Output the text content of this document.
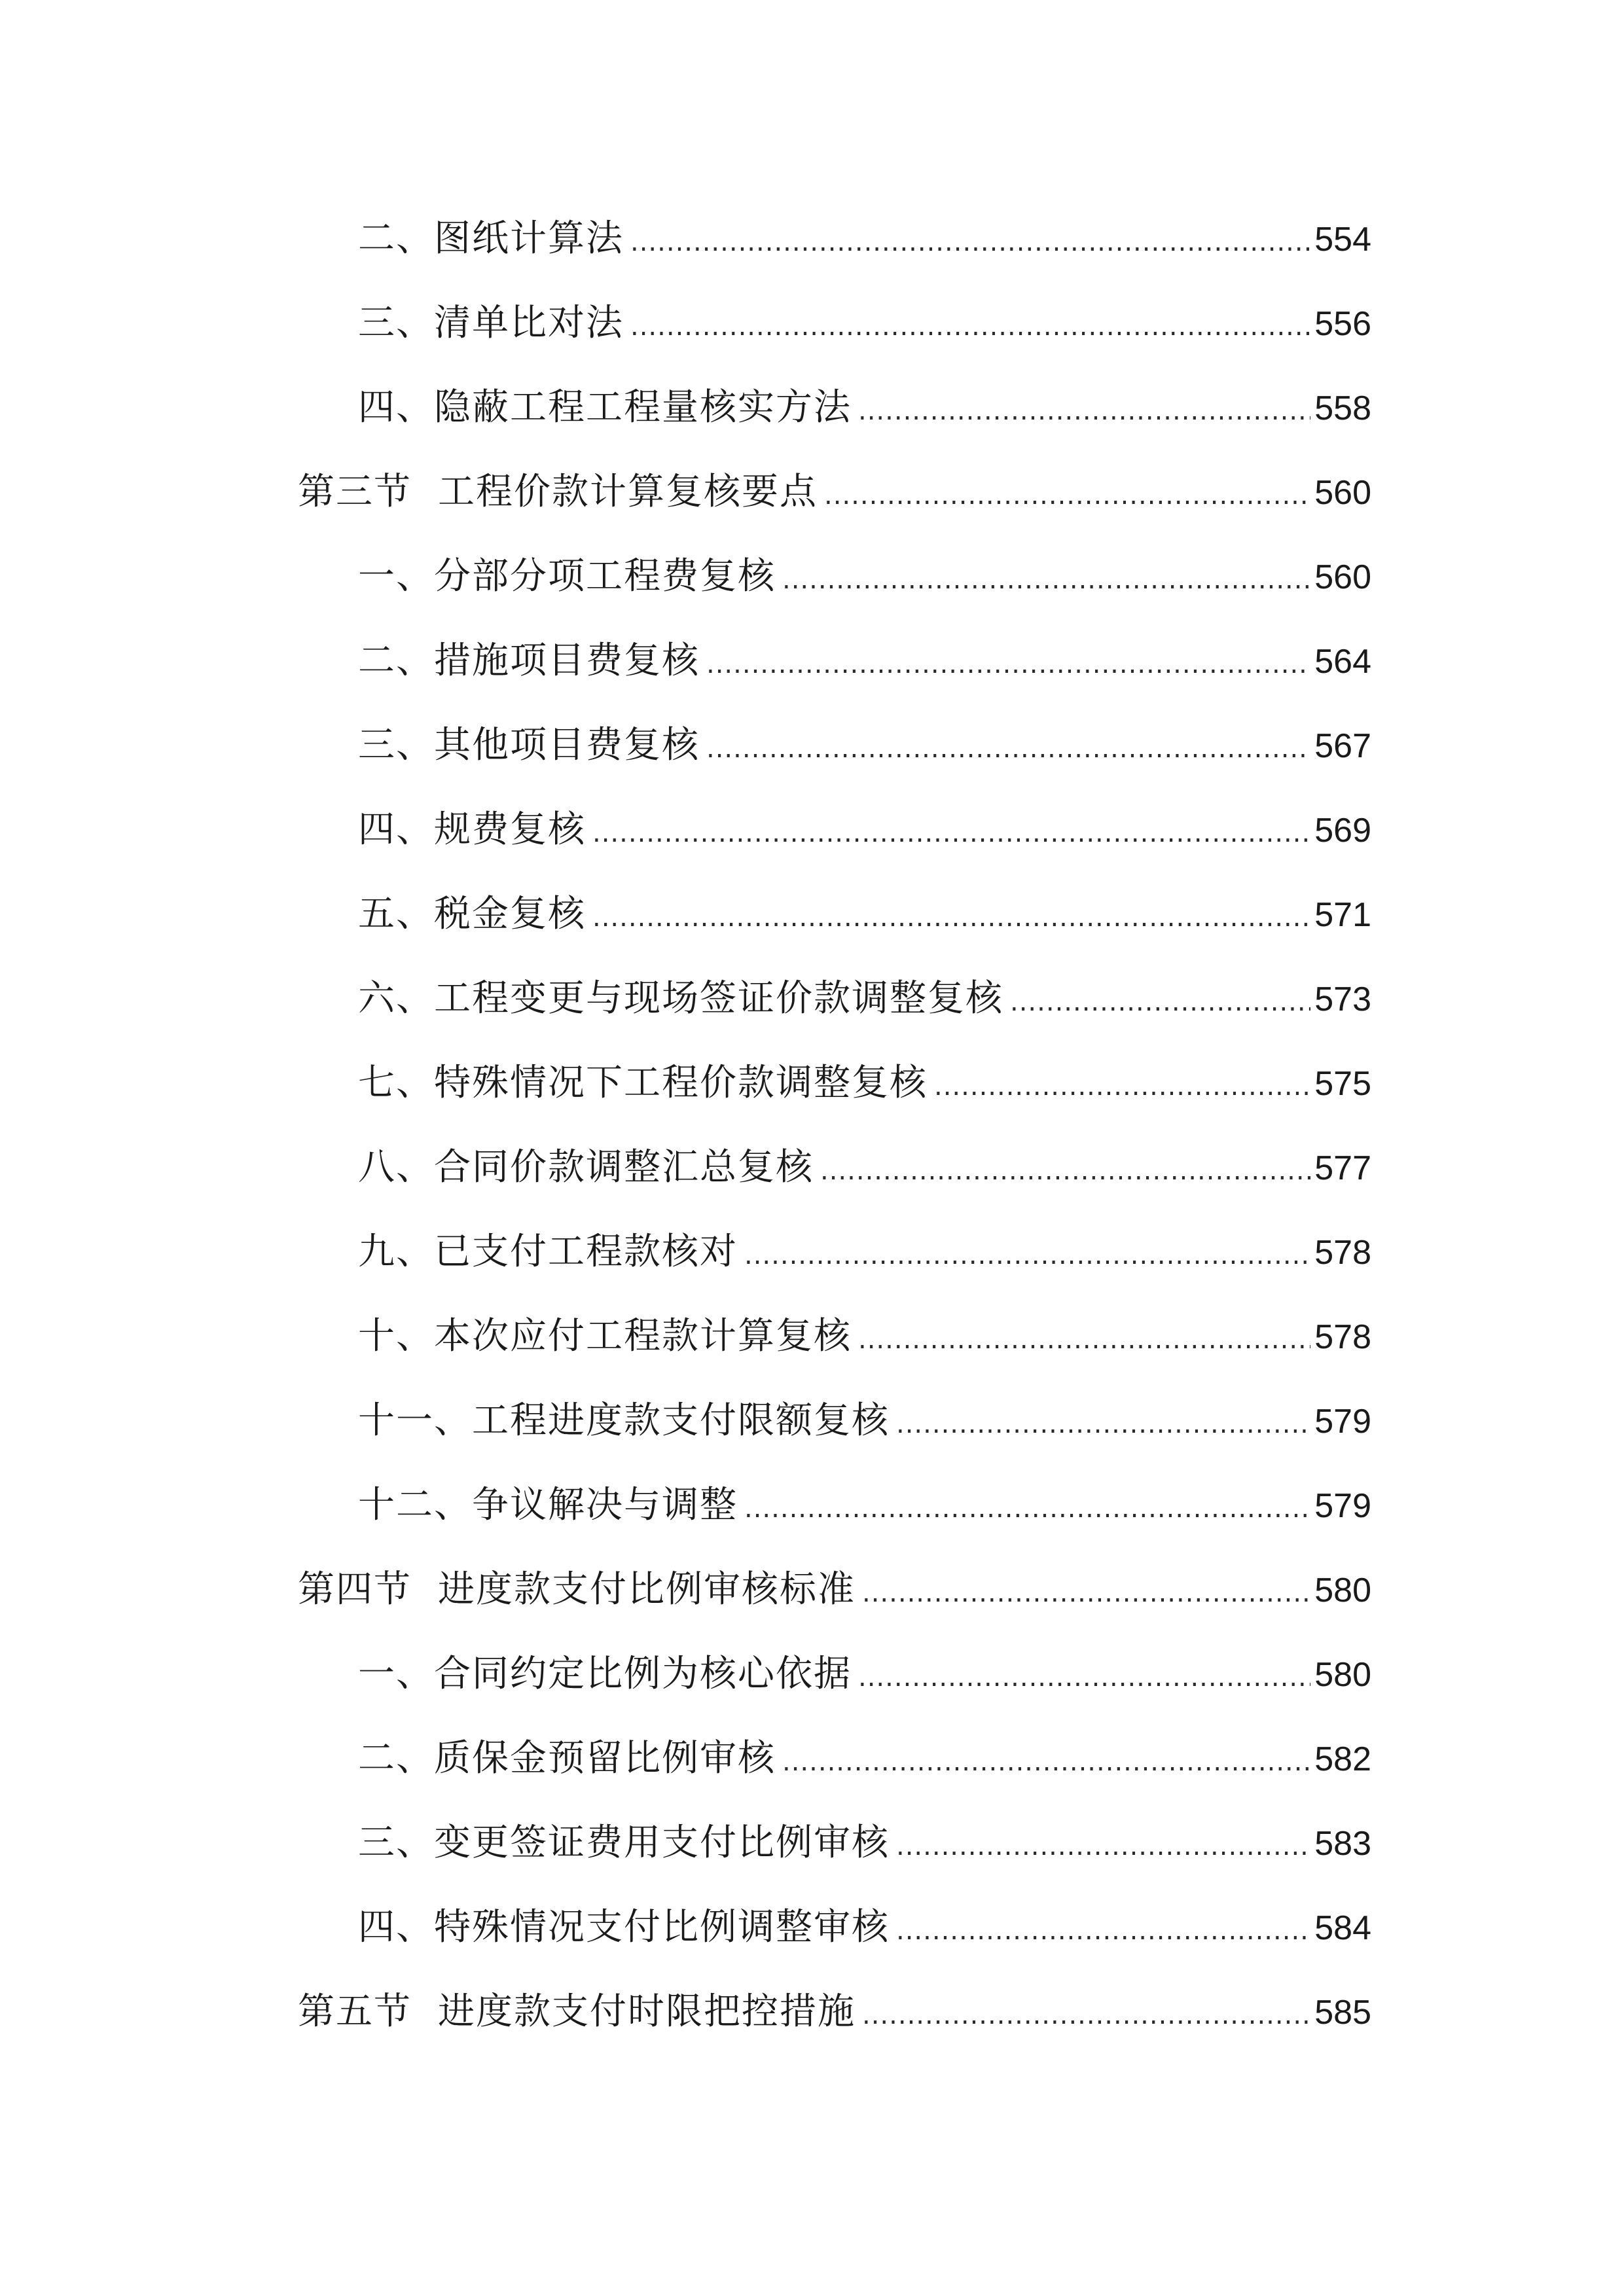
二、图纸计算法 .....	554
三、清单比对法 .....	556
四、隐蔽工程工程量核实方法 .....	558
第三节 工程价款计算复核要点 .....	560
一、分部分项工程费复核 .....	560
二、措施项目费复核 .....	564
三、其他项目费复核 .....	567
四、规费复核 .....	569
五、税金复核 .....	571
六、工程变更与现场签证价款调整复核 .....	573
七、特殊情况下工程价款调整复核 .....	575
八、合同价款调整汇总复核 .....	577
九、已支付工程款核对 .....	578
十、本次应付工程款计算复核 .....	578
十一、工程进度款支付限额复核 .....	579
十二、争议解决与调整 .....	579
第四节 进度款支付比例审核标准 .....	580
一、合同约定比例为核心依据 .....	580
二、质保金预留比例审核 .....	582
三、变更签证费用支付比例审核 .....	583
四、特殊情况支付比例调整审核 .....	584
第五节 进度款支付时限把控措施 .....	585
